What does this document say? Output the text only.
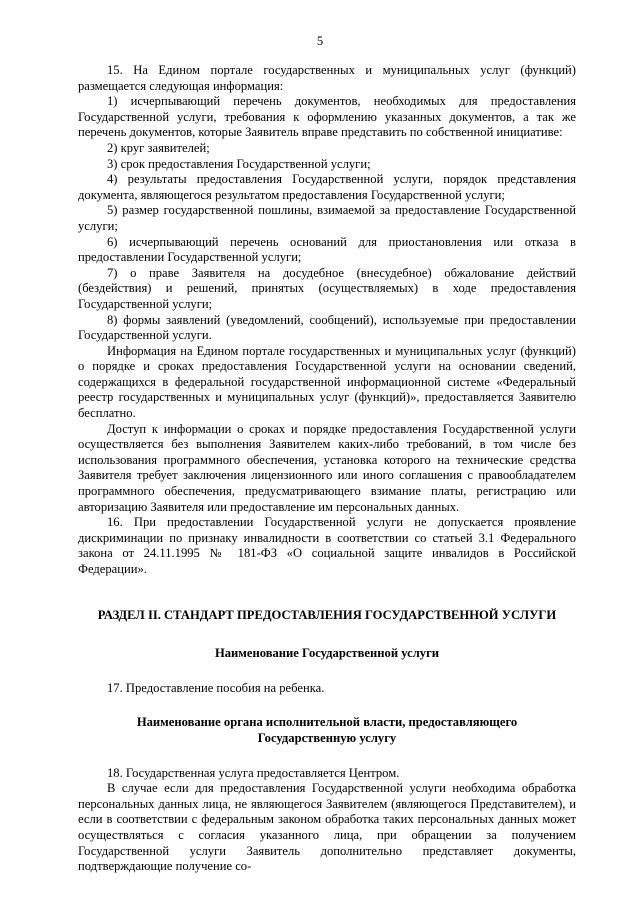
5

15. На Едином портале государственных и муниципальных услуг (функций) размещается следующая информация:

1) исчерпывающий перечень документов, необходимых для предоставления Государственной услуги, требования к оформлению указанных документов, а так же перечень документов, которые Заявитель вправе представить по собственной инициативе:

2) круг заявителей;

3) срок предоставления Государственной услуги;

4) результаты предоставления Государственной услуги, порядок представления документа, являющегося результатом предоставления Государственной услуги;

5) размер государственной пошлины, взимаемой за предоставление Государственной услуги;

6) исчерпывающий перечень оснований для приостановления или отказа в предоставлении Государственной услуги;

7) о праве Заявителя на досудебное (внесудебное) обжалование действий (бездействия) и решений, принятых (осуществляемых) в ходе предоставления Государственной услуги;

8) формы заявлений (уведомлений, сообщений), используемые при предоставлении Государственной услуги.

Информация на Едином портале государственных и муниципальных услуг (функций) о порядке и сроках предоставления Государственной услуги на основании сведений, содержащихся в федеральной государственной информационной системе «Федеральный реестр государственных и муниципальных услуг (функций)», предоставляется Заявителю бесплатно.

Доступ к информации о сроках и порядке предоставления Государственной услуги осуществляется без выполнения Заявителем каких-либо требований, в том числе без использования программного обеспечения, установка которого на технические средства Заявителя требует заключения лицензионного или иного соглашения с правообладателем программного обеспечения, предусматривающего взимание платы, регистрацию или авторизацию Заявителя или предоставление им персональных данных.

16. При предоставлении Государственной услуги не допускается проявление дискриминации по признаку инвалидности в соответствии со статьей 3.1 Федерального закона от 24.11.1995 № 181-ФЗ «О социальной защите инвалидов в Российской Федерации».

РАЗДЕЛ II. СТАНДАРТ ПРЕДОСТАВЛЕНИЯ ГОСУДАРСТВЕННОЙ УСЛУГИ

Наименование Государственной услуги

17. Предоставление пособия на ребенка.

Наименование органа исполнительной власти, предоставляющего

Государственную услугу

18. Государственная услуга предоставляется Центром.

В случае если для предоставления Государственной услуги необходима обработка персональных данных лица, не являющегося Заявителем (являющегося Представителем), и если в соответствии с федеральным законом обработка таких персональных данных может осуществляться с согласия указанного лица, при обращении за получением Государственной услуги Заявитель дополнительно представляет документы, подтверждающие получение со-
